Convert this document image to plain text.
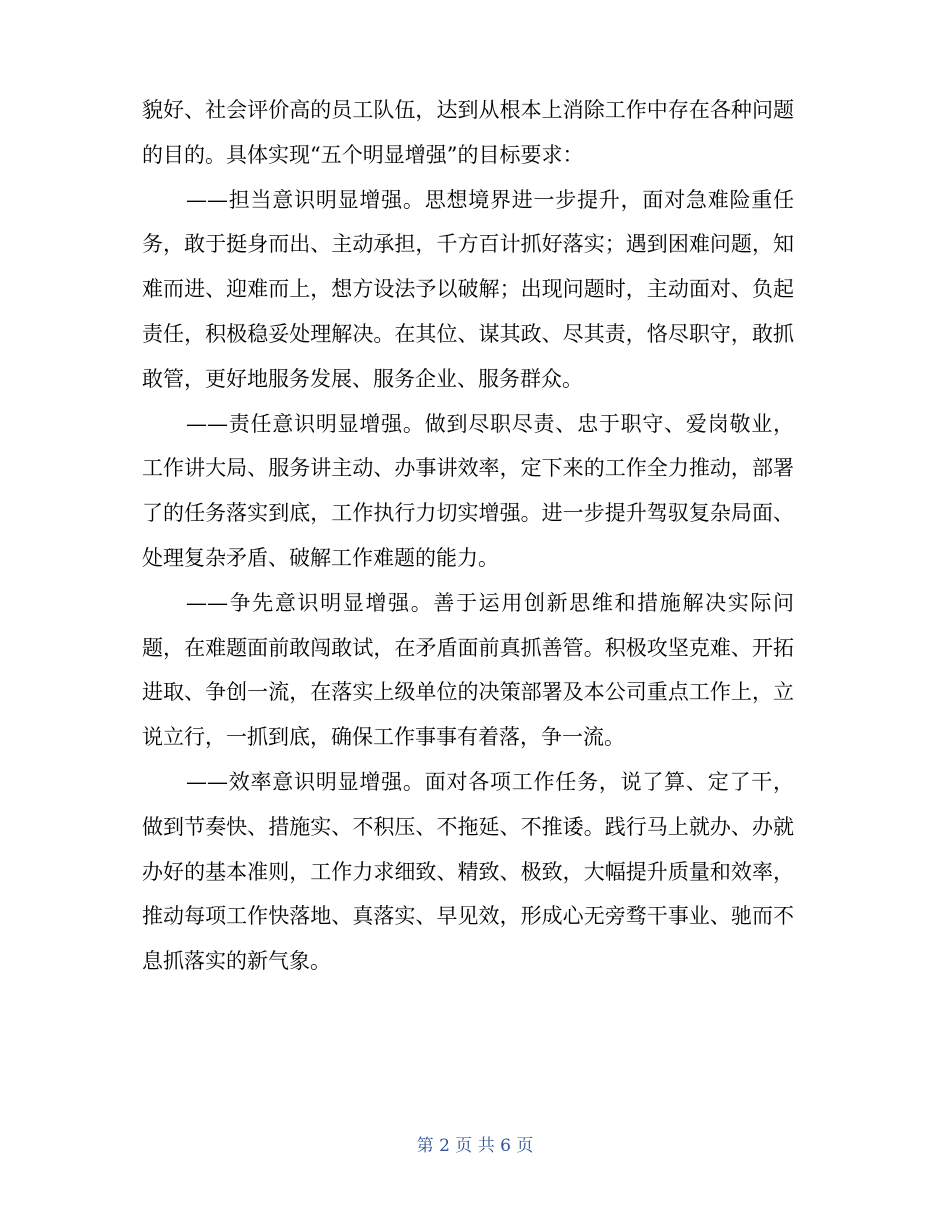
貌好、社会评价高的员工队伍，达到从根本上消除工作中存在各种问题的目的。具体实现“五个明显增强”的目标要求：

——担当意识明显增强。思想境界进一步提升，面对急难险重任务，敢于挺身而出、主动承担，千方百计抓好落实；遇到困难问题，知难而进、迎难而上，想方设法予以破解；出现问题时，主动面对、负起责任，积极稳妥处理解决。在其位、谋其政、尽其责，恪尽职守，敢抓敢管，更好地服务发展、服务企业、服务群众。

——责任意识明显增强。做到尽职尽责、忠于职守、爱岗敬业，工作讲大局、服务讲主动、办事讲效率，定下来的工作全力推动，部署了的任务落实到底，工作执行力切实增强。进一步提升驾驭复杂局面、处理复杂矛盾、破解工作难题的能力。

——争先意识明显增强。善于运用创新思维和措施解决实际问题，在难题面前敢闯敢试，在矛盾面前真抓善管。积极攻坚克难、开拓进取、争创一流，在落实上级单位的决策部署及本公司重点工作上，立说立行，一抓到底，确保工作事事有着落，争一流。

——效率意识明显增强。面对各项工作任务，说了算、定了干，做到节奏快、措施实、不积压、不拖延、不推诿。践行马上就办、办就办好的基本准则，工作力求细致、精致、极致，大幅提升质量和效率，推动每项工作快落地、真落实、早见效，形成心无旁骛干事业、驰而不息抓落实的新气象。

第 2 页 共 6 页
